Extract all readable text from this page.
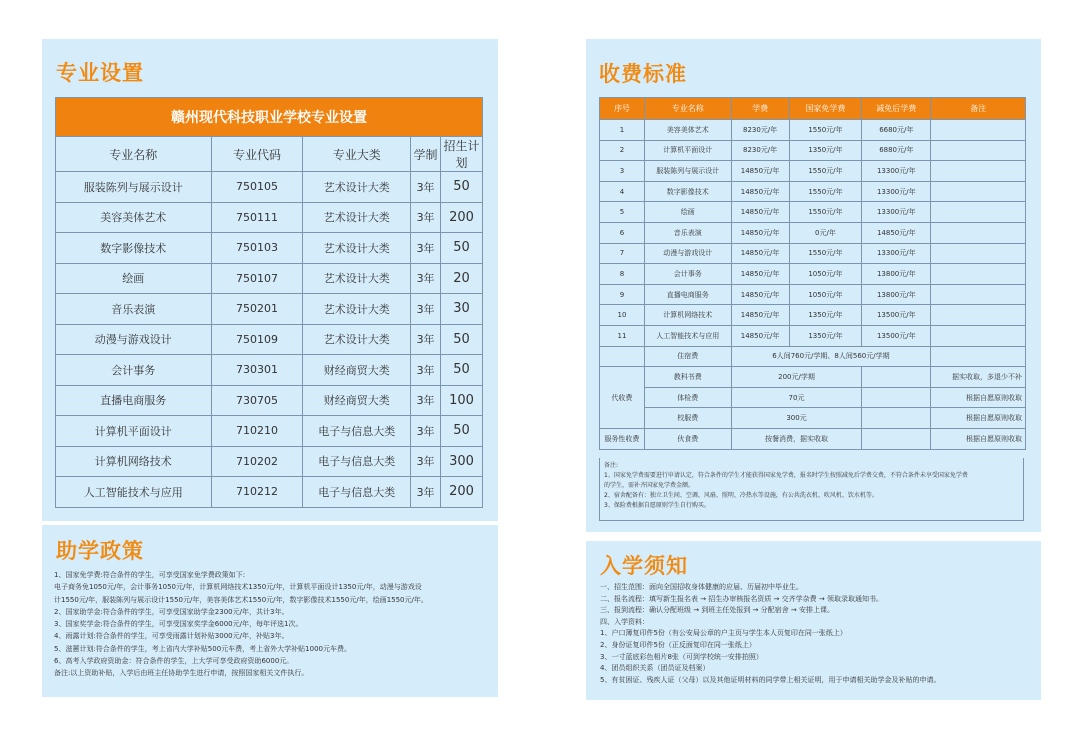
专业设置
助学政策
收费标准
入学须知
赣州现代科技职业学校专业设置				
专业名称	专业代码	专业大类	学制	招生计划
服装陈列与展示设计	750105	艺术设计大类	3年	50
美容美体艺术	750111	艺术设计大类	3年	200
数字影像技术	750103	艺术设计大类	3年	50
绘画	750107	艺术设计大类	3年	20
音乐表演	750201	艺术设计大类	3年	30
动漫与游戏设计	750109	艺术设计大类	3年	50
会计事务	730301	财经商贸大类	3年	50
直播电商服务	730705	财经商贸大类	3年	100
计算机平面设计	710210	电子与信息大类	3年	50
计算机网络技术	710202	电子与信息大类	3年	300
人工智能技术与应用	710212	电子与信息大类	3年	200
1、国家免学费:符合条件的学生，可享受国家免学费政策如下:
电子商务免1050元/年，会计事务1050元/年，计算机网络技术1350元/年，计算机平面设计1350元/年，动漫与游戏设
计1550元/年，服装陈列与展示设计1550元/年，美容美体艺术1550元/年，数字影像技术1550元/年，绘画1550元/年。
2、国家助学金:符合条件的学生，可享受国家助学金2300元/年，共计3年。
3、国家奖学金:符合条件的学生，可享受国家奖学金6000元/年，每年评选1次。
4、雨露计划:符合条件的学生，可享受雨露计划补贴3000元/年，补贴3年。
5、滋蕙计划:符合条件的学生，考上省内大学补贴500元车费，考上省外大学补贴1000元车费。
6、高考入学政府资助金：符合条件的学生，上大学可享受政府资助6000元。
备注:以上资助补贴，入学后由班主任协助学生进行申请，按照国家相关文件执行。
序号	专业名称	学费	国家免学费	减免后学费	备注
1	美容美体艺术	8230元/年	1550元/年	6680元/年	
2	计算机平面设计	8230元/年	1350元/年	6880元/年	
3	服装陈列与展示设计	14850元/年	1550元/年	13300元/年	
4	数字影像技术	14850元/年	1550元/年	13300元/年	
5	绘画	14850元/年	1550元/年	13300元/年	
6	音乐表演	14850元/年	0元/年	14850元/年	
7	动漫与游戏设计	14850元/年	1550元/年	13300元/年	
8	会计事务	14850元/年	1050元/年	13800元/年	
9	直播电商服务	14850元/年	1050元/年	13800元/年	
10	计算机网络技术	14850元/年	1350元/年	13500元/年	
11	人工智能技术与应用	14850元/年	1350元/年	13500元/年	
	住宿费	6人间760元/学期、8人间560元/学期			
代收费	教科书费	200元/学期			据实收取，多退少不补
	体检费	70元			根据自愿原则收取
	校服费	300元			根据自愿原则收取
服务性收费	伙食费	按餐消费，据实收取			根据自愿原则收取
备注:
1、国家免学费需要进行申请认定，符合条件的学生才能获得国家免学费，报名时学生按照减免后学费交费，不符合条件未享受国家免学费
的学生，需补齐国家免学费金额。
2、宿舍配备有：独立卫生间、空调、风扇、照明、冷热水等设施，有公共洗衣机、吹风机、饮水机等。
3、保险费根据自愿原则学生自行购买。
一、招生范围：面向全国招收身体健康的应届、历届初中毕业生。
二、报名流程：填写新生报名表 → 招生办审核报名资质 → 交齐学杂费 → 领取录取通知书。
三、报到流程：确认分配班级 → 到班主任处报到 → 分配宿舍 → 安排上课。
四、入学资料：
1、户口簿复印件5份（有公安局公章的户主页与学生本人页复印在同一张纸上）
2、身份证复印件5份（正反面复印在同一张纸上）
3、一寸蓝底彩色相片8张（可到学校统一安排拍照）
4、团员组织关系（团员证及档案）
5、有贫困证、残疾人证（父母）以及其他证明材料的同学带上相关证明，用于申请相关助学金及补贴的申请。
